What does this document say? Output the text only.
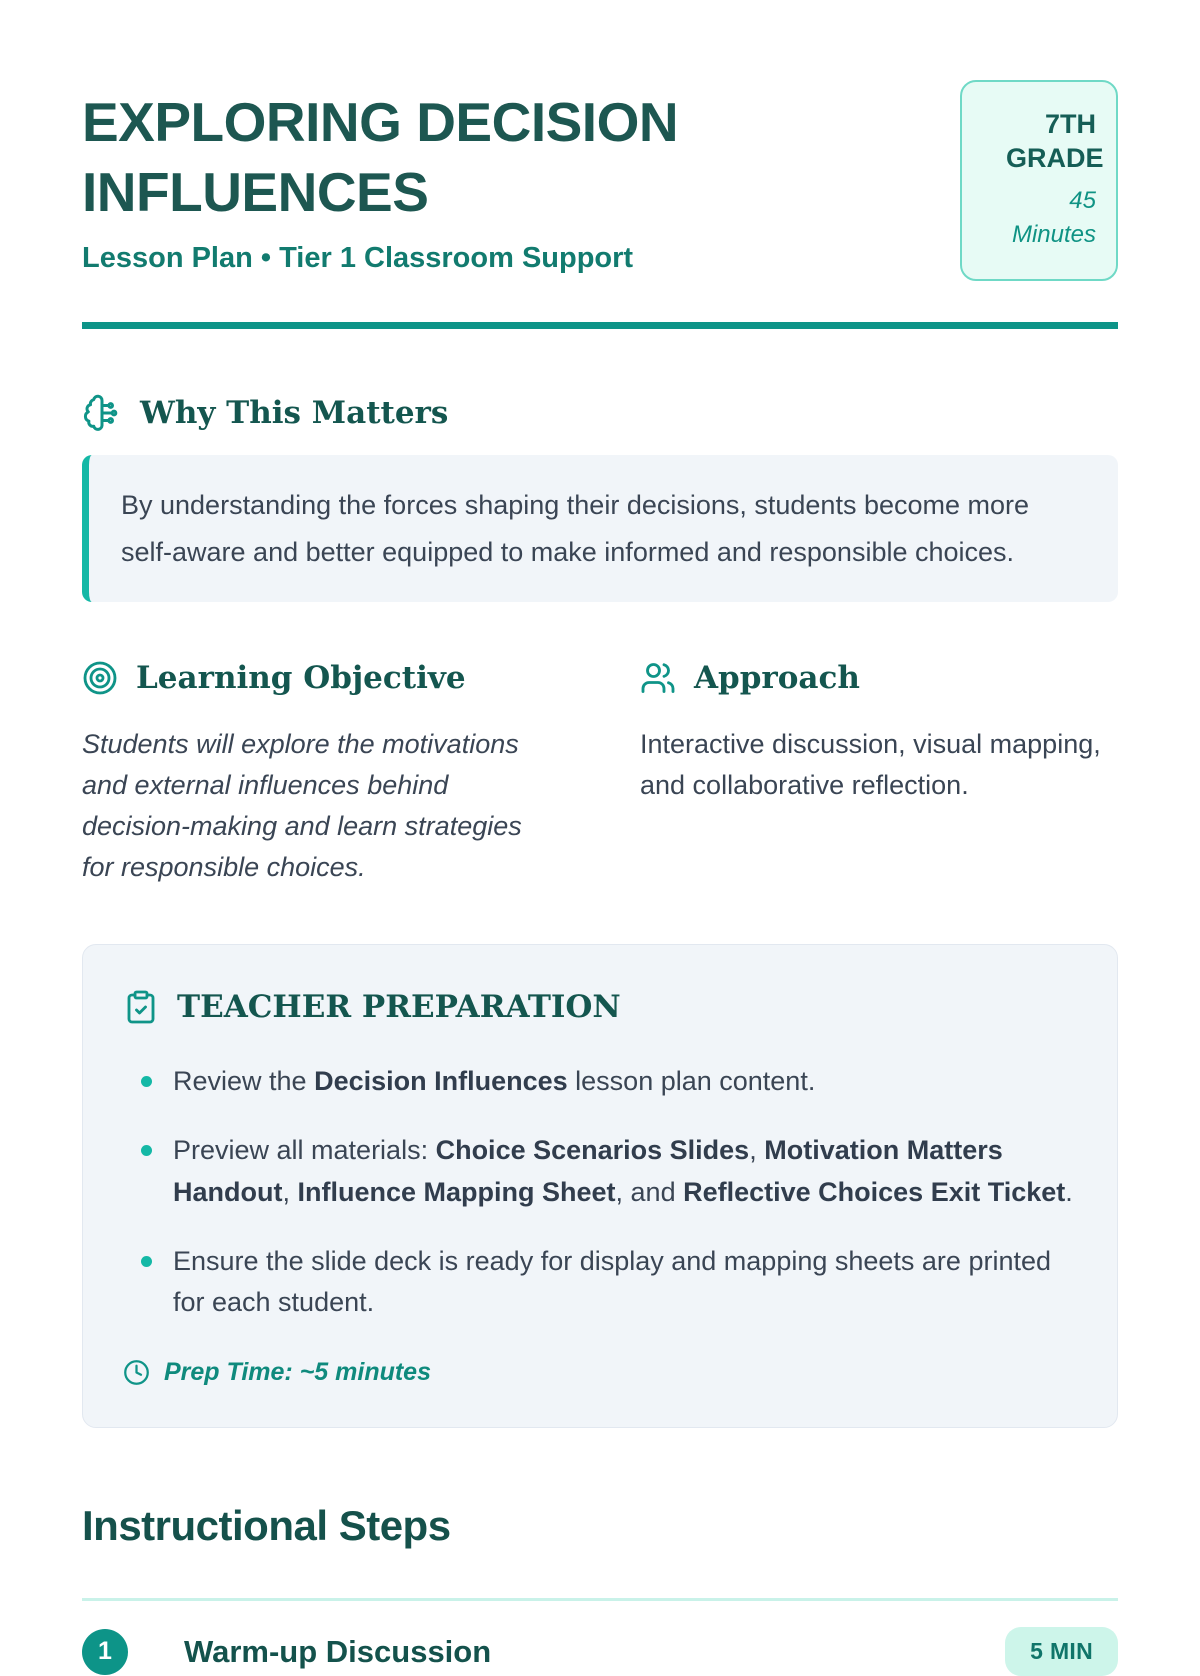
EXPLORING DECISION INFLUENCES
Lesson Plan • Tier 1 Classroom Support
7TH GRADE
45 Minutes
Why This Matters
By understanding the forces shaping their decisions, students become more self-aware and better equipped to make informed and responsible choices.
Learning Objective
Students will explore the motivations and external influences behind decision-making and learn strategies for responsible choices.
Approach
Interactive discussion, visual mapping, and collaborative reflection.
TEACHER PREPARATION
Review the Decision Influences lesson plan content.
Preview all materials: Choice Scenarios Slides, Motivation Matters Handout, Influence Mapping Sheet, and Reflective Choices Exit Ticket.
Ensure the slide deck is ready for display and mapping sheets are printed for each student.
Prep Time: ~5 minutes
Instructional Steps
1	Warm-up Discussion	5 MIN
